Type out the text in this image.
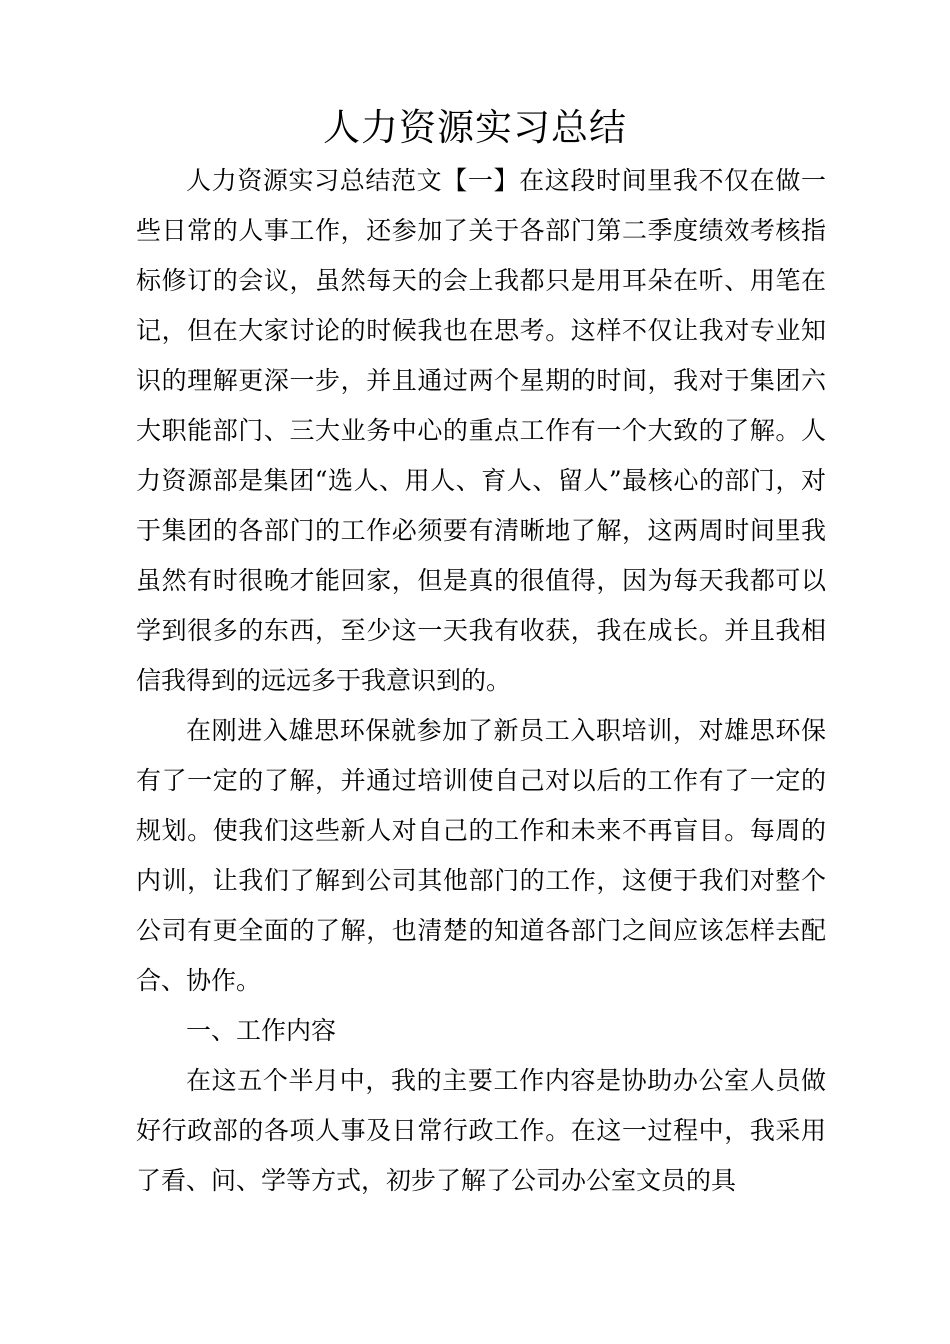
人力资源实习总结

人力资源实习总结范文【一】在这段时间里我不仅在做一些日常的人事工作，还参加了关于各部门第二季度绩效考核指标修订的会议，虽然每天的会上我都只是用耳朵在听、用笔在记，但在大家讨论的时候我也在思考。这样不仅让我对专业知识的理解更深一步，并且通过两个星期的时间，我对于集团六大职能部门、三大业务中心的重点工作有一个大致的了解。人力资源部是集团“选人、用人、育人、留人”最核心的部门，对于集团的各部门的工作必须要有清晰地了解，这两周时间里我虽然有时很晚才能回家，但是真的很值得，因为每天我都可以学到很多的东西，至少这一天我有收获，我在成长。并且我相信我得到的远远多于我意识到的。

在刚进入雄思环保就参加了新员工入职培训，对雄思环保有了一定的了解，并通过培训使自己对以后的工作有了一定的规划。使我们这些新人对自己的工作和未来不再盲目。每周的内训，让我们了解到公司其他部门的工作，这便于我们对整个公司有更全面的了解，也清楚的知道各部门之间应该怎样去配合、协作。

一、工作内容

在这五个半月中，我的主要工作内容是协助办公室人员做好行政部的各项人事及日常行政工作。在这一过程中，我采用了看、问、学等方式，初步了解了公司办公室文员的具
